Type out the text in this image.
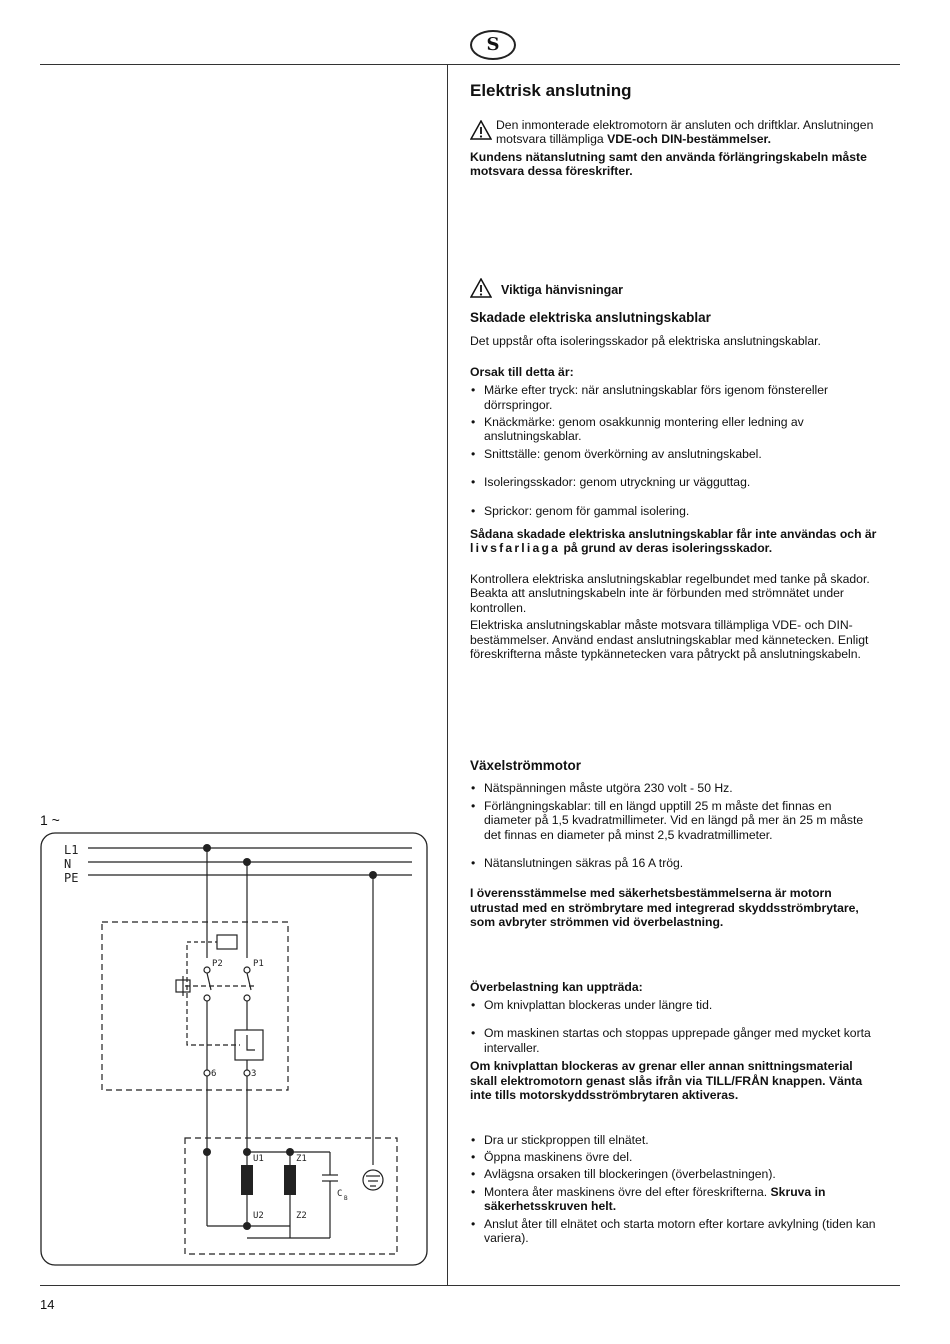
S
1 ~
L1
N
PE
P2	P1
6	3
U1	Z1
U2	Z2
C B
Elektrisk anslutning
Den inmonterade elektromotorn är ansluten och driftklar. Anslutningen motsvara tillämpliga VDE-och DIN-bestämmelser.
Kundens nätanslutning samt den använda förlängringskabeln måste motsvara dessa föreskrifter.
Viktiga hänvisningar
Skadade elektriska anslutningskablar

Det uppstår ofta isoleringsskador på elektriska anslutningskablar.

Orsak till detta är:

• Märke efter tryck: när anslutningskablar förs igenom fönstereller dörrspringor.
• Knäckmärke: genom osakkunnig montering eller ledning av anslutningskablar.
• Snittställe: genom överkörning av anslutningskabel.
• Isoleringsskador: genom utryckning ur vägguttag.
• Sprickor: genom för gammal isolering.

Sådana skadade elektriska anslutningskablar får inte användas och är livsfarliaga på grund av deras isoleringsskador.

Kontrollera elektriska anslutningskablar regelbundet med tanke på skador. Beakta att anslutningskabeln inte är förbunden med strömnätet under kontrollen.

Elektriska anslutningskablar måste motsvara tillämpliga VDE- och DIN-bestämmelser. Använd endast anslutningskablar med kännetecken. Enligt föreskrifterna måste typkännetecken vara påtryckt på anslutningskabeln.

Växelströmmotor
• Nätspänningen måste utgöra 230 volt - 50 Hz.
• Förlängningskablar: till en längd upptill 25 m måste det finnas en diameter på 1,5 kvadratmillimeter. Vid en längd på mer än 25 m måste det finnas en diameter på minst 2,5 kvadratmillimeter.
• Nätanslutningen säkras på 16 A trög.

I överensstämmelse med säkerhetsbestämmelserna är motorn utrustad med en strömbrytare med integrerad skyddsströmbrytare, som avbryter strömmen vid överbelastning.

Överbelastning kan uppträda:

• Om knivplattan blockeras under längre tid.
• Om maskinen startas och stoppas upprepade gånger med mycket korta intervaller.

Om knivplattan blockeras av grenar eller annan snittningsmaterial skall elektromotorn genast slås ifrån via TILL/FRÅN knappen. Vänta inte tills motorskyddsströmbrytaren aktiveras.

• Dra ur stickproppen till elnätet.
• Öppna maskinens övre del.
• Avlägsna orsaken till blockeringen (överbelastningen).
• Montera åter maskinens övre del efter föreskrifterna. Skruva in säkerhetsskruven helt.
• Anslut åter till elnätet och starta motorn efter kortare avkylning (tiden kan variera).
14
